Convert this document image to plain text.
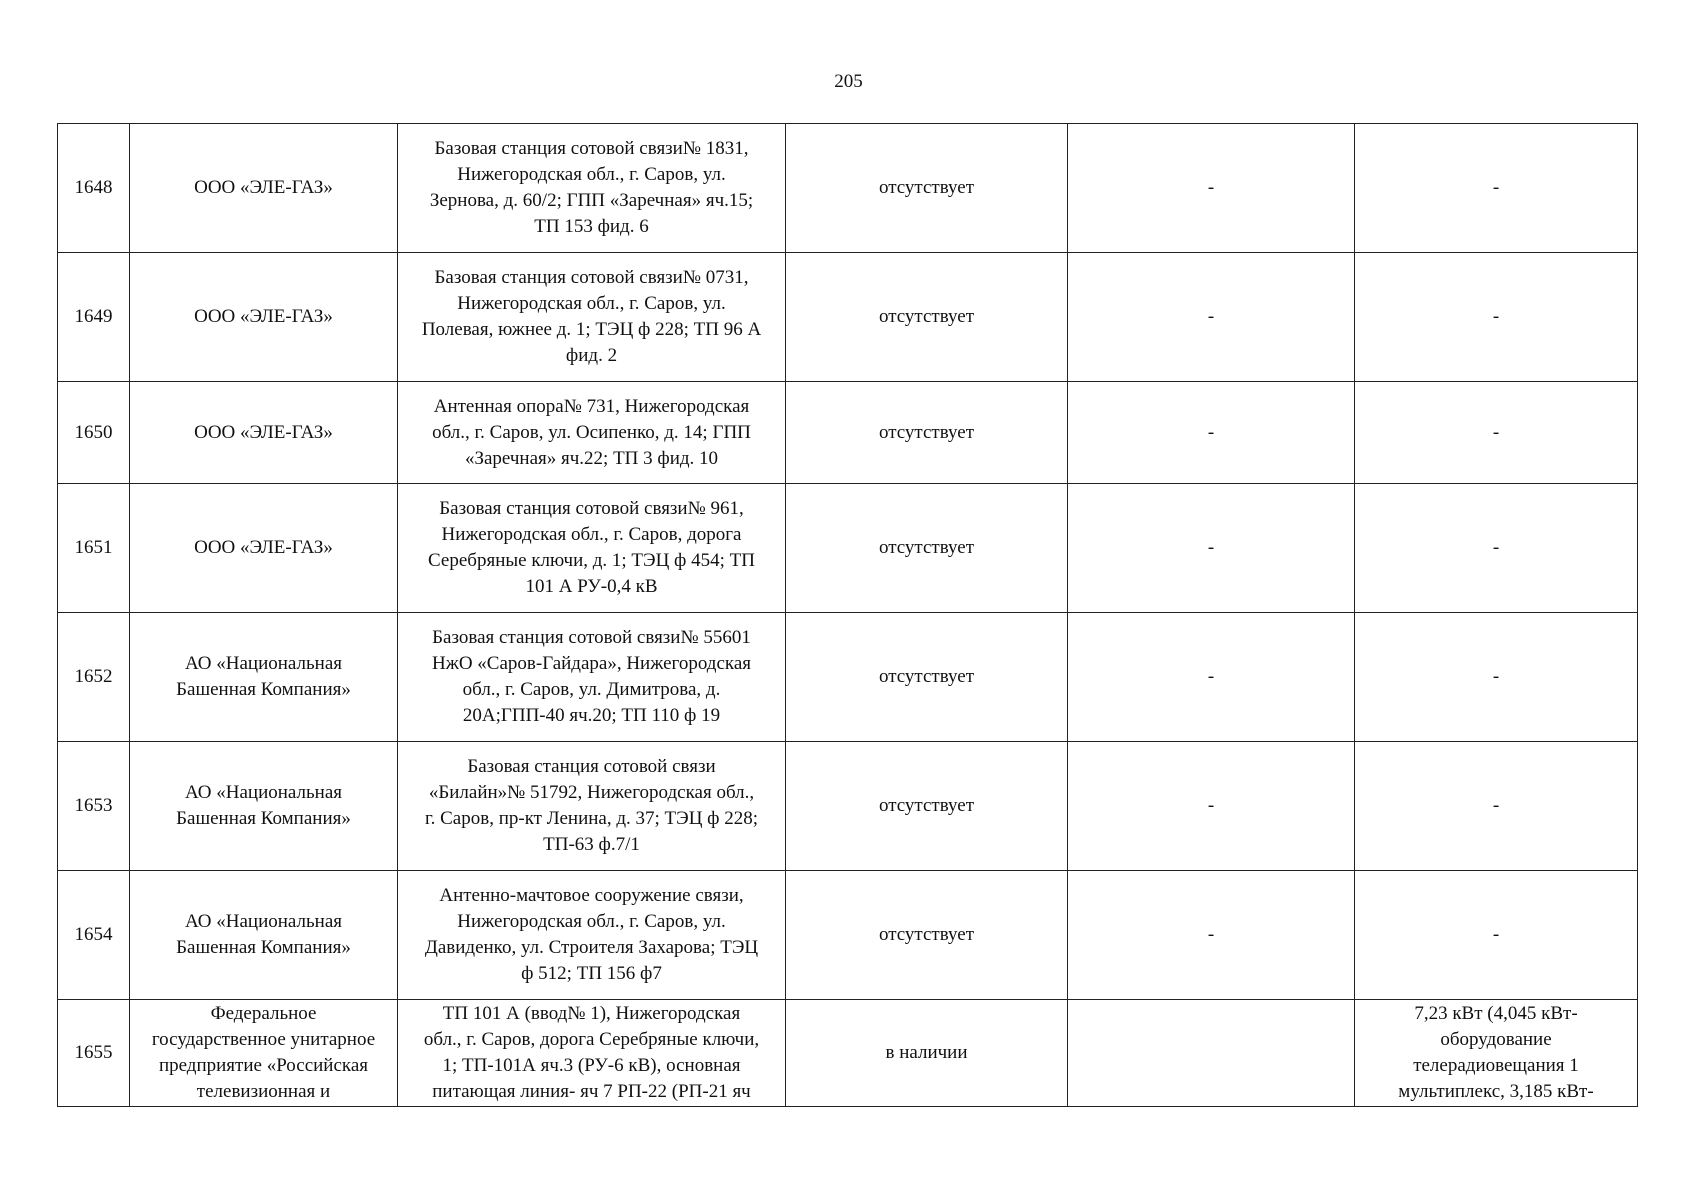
205
1648	ООО «ЭЛЕ-ГАЗ»	Базовая станция сотовой связи№ 1831,
Нижегородская обл., г. Саров, ул.
Зернова, д. 60/2; ГПП «Заречная» яч.15;
ТП 153 фид. 6	отсутствует	-	-

1649	ООО «ЭЛЕ-ГАЗ»	Базовая станция сотовой связи№ 0731,
Нижегородская обл., г. Саров, ул.
Полевая, южнее д. 1; ТЭЦ ф 228; ТП 96 А
фид. 2	отсутствует	-	-

1650	ООО «ЭЛЕ-ГАЗ»	Антенная опора№ 731, Нижегородская
обл., г. Саров, ул. Осипенко, д. 14; ГПП
«Заречная» яч.22; ТП 3 фид. 10	отсутствует	-	-

1651	ООО «ЭЛЕ-ГАЗ»	Базовая станция сотовой связи№ 961,
Нижегородская обл., г. Саров, дорога
Серебряные ключи, д. 1; ТЭЦ ф 454; ТП
101 А РУ-0,4 кВ	отсутствует	-	-

1652	АО «Национальная
Башенная Компания»	Базовая станция сотовой связи№ 55601
НжО «Саров-Гайдара», Нижегородская
обл., г. Саров, ул. Димитрова, д.
20А;ГПП-40 яч.20; ТП 110 ф 19	отсутствует	-	-

1653	АО «Национальная
Башенная Компания»	Базовая станция сотовой связи
«Билайн»№ 51792, Нижегородская обл.,
г. Саров, пр-кт Ленина, д. 37; ТЭЦ ф 228;
ТП-63 ф.7/1	отсутствует	-	-

1654	АО «Национальная
Башенная Компания»	Антенно-мачтовое сооружение связи,
Нижегородская обл., г. Саров, ул.
Давиденко, ул. Строителя Захарова; ТЭЦ
ф 512; ТП 156 ф7	отсутствует	-	-

1655	Федеральное
государственное унитарное
предприятие «Российская
телевизионная и	ТП 101 А (ввод№ 1), Нижегородская
обл., г. Саров, дорога Серебряные ключи,
1; ТП-101А яч.3 (РУ-6 кВ), основная
питающая линия- яч 7 РП-22 (РП-21 яч	в наличии		7,23 кВт (4,045 кВт-
оборудование
телерадиовещания 1
мультиплекс, 3,185 кВт-
